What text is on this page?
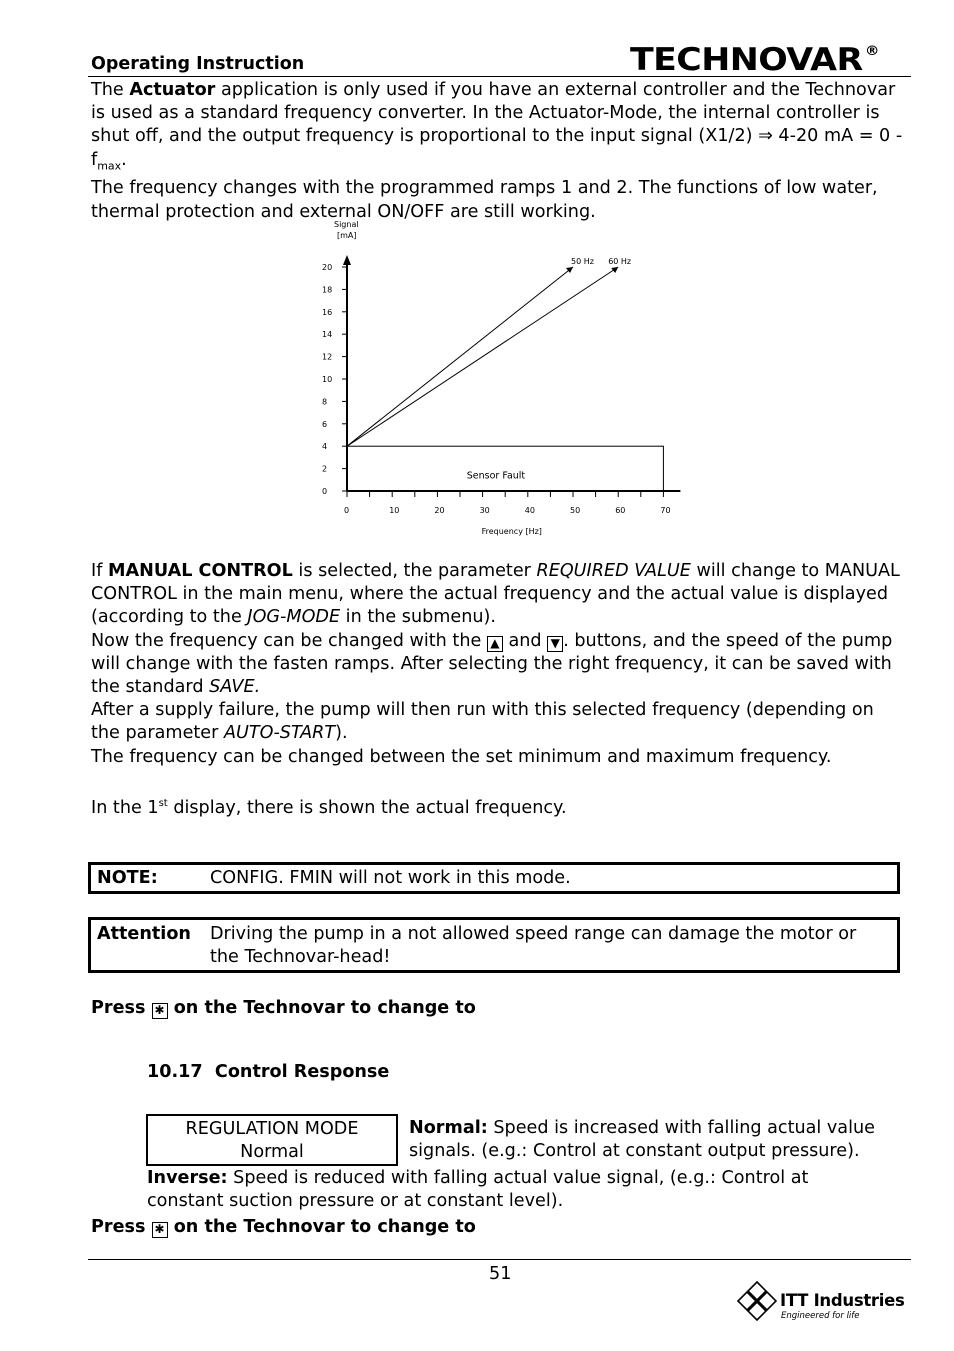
Operating Instruction	TECHNOVAR ®
The Actuator application is only used if you have an external controller and the Technovar is used as a standard frequency converter. In the Actuator-Mode, the internal controller is shut off, and the output frequency is proportional to the input signal (X1/2) ⇒ 4-20 mA = $0 - f_{max}$.
The frequency changes with the programmed ramps 1 and 2. The functions of low water, thermal protection and external ON/OFF are still working.
0
2
4
6
8
10
12
14
16
18
20
0	10	20	30	40	50	60	70
Signal
[mA]
Frequency [Hz]
Sensor Fault
50 Hz 60 Hz
If MANUAL CONTROL is selected, the parameter REQUIRED VALUE will change to MANUAL CONTROL in the main menu, where the actual frequency and the actual value is displayed (according to the JOG-MODE in the submenu).
Now the frequency can be changed with the ▲ and ▼ . buttons, and the speed of the pump will change with the fasten ramps. After selecting the right frequency, it can be saved with the standard SAVE.
After a supply failure, the pump will then run with this selected frequency (depending on the parameter AUTO-START).
The frequency can be changed between the set minimum and maximum frequency.

In the 1st display, there is shown the actual frequency.
NOTE:	CONFIG. FMIN will not work in this mode.
Attention Driving the pump in a not allowed speed range can damage the motor or the Technovar-head!
Press ✱ on the Technovar to change to
10.17 Control Response
REGULATION MODE
Normal
Normal: Speed is increased with falling actual value signals. (e.g.: Control at constant output pressure).
Inverse: Speed is reduced with falling actual value signal, (e.g.: Control at constant suction pressure or at constant level).
Press ✱ on the Technovar to change to
51
ITT Industries
Engineered for life
